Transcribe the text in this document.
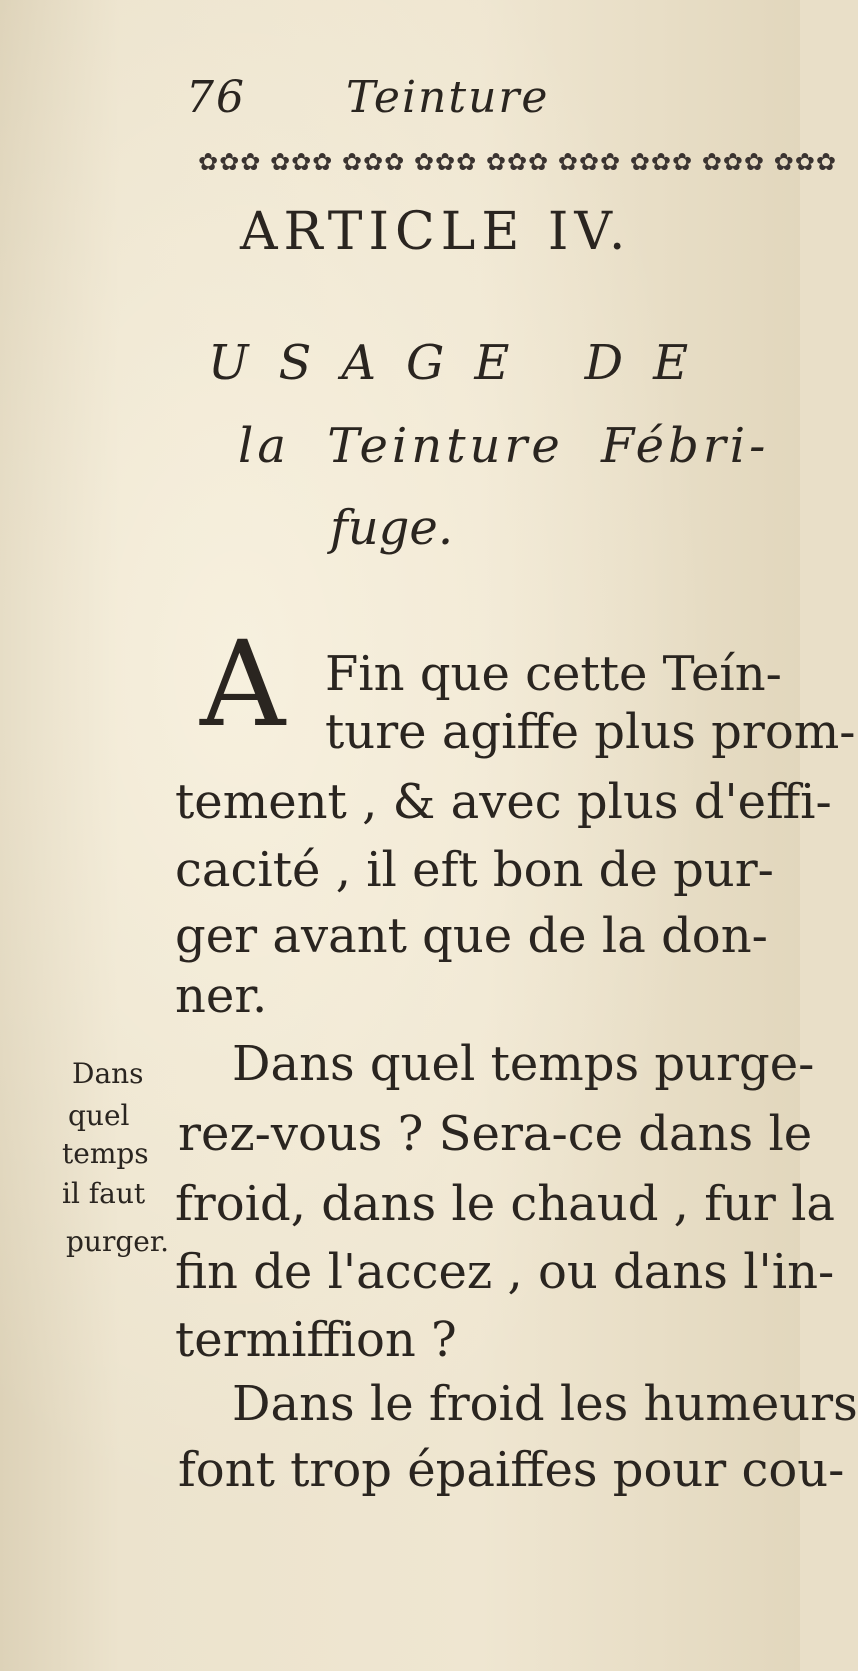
76 Teinture
✿✿✿ ✿✿✿ ✿✿✿ ✿✿✿ ✿✿✿ ✿✿✿ ✿✿✿ ✿✿✿ ✿✿✿
ARTICLE IV.
USAGE DE
la Teinture Fébri-
fuge.
A Fin que cette Teín-
ture agiffe plus prom-
tement , & avec plus d'effi-
cacité , il eft bon de pur-
ger avant que de la don-
ner.
Dans quel temps purge-
rez-vous ? Sera-ce dans le
froid, dans le chaud , fur la
fin de l'accez , ou dans l'in-
termiffion ?
Dans
quel
temps
il faut
purger.
Dans le froid les humeurs
font trop épaiffes pour cou-
